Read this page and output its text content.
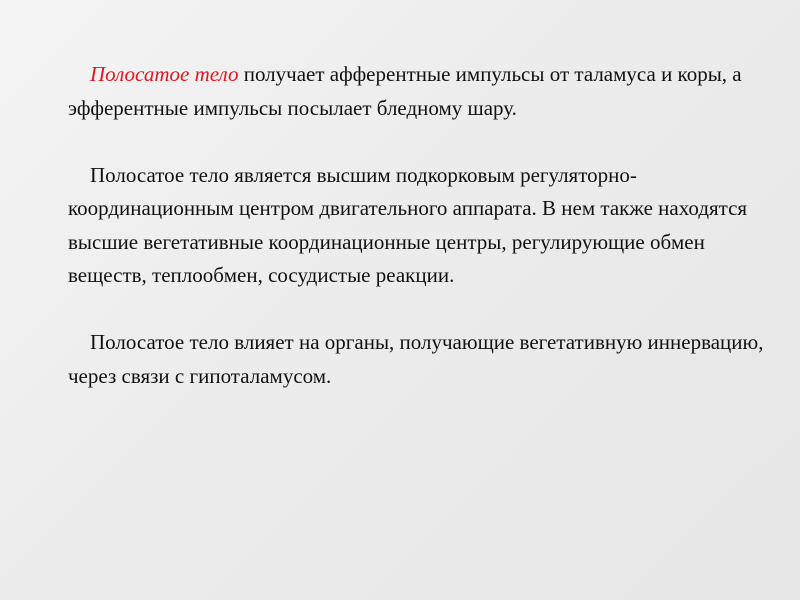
Полосатое тело получает афферентные импульсы от таламуса и коры, а эфферентные импульсы посылает бледному шару.

Полосатое тело является высшим подкорковым регуляторно-координационным центром двигательного аппарата. В нем также находятся высшие вегетативные координационные центры, регулирующие обмен веществ, теплообмен, сосудистые реакции.

Полосатое тело влияет на органы, получающие вегетативную иннервацию, через связи с гипоталамусом.
